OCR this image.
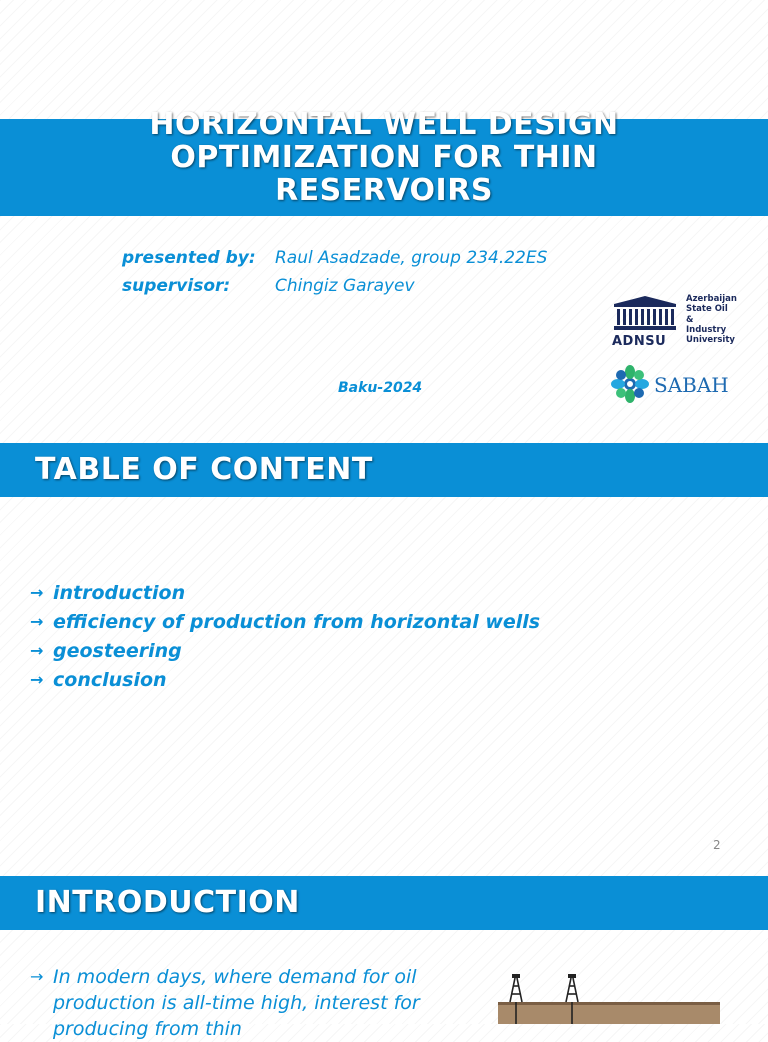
HORIZONTAL WELL DESIGN
OPTIMIZATION FOR THIN
RESERVOIRS
presented by: Raul Asadzade, group 234.22ES
supervisor:	Chingiz Garayev
Baku-2024
ADNSU
Azerbaijan
State Oil
&
Industry
University
SABAH
TABLE OF CONTENT
→ introduction
→ efficiency of production from horizontal wells
→ geosteering
→ conclusion
2
INTRODUCTION
→ In modern days, where demand for oil production is all-time high, interest for producing from thin
